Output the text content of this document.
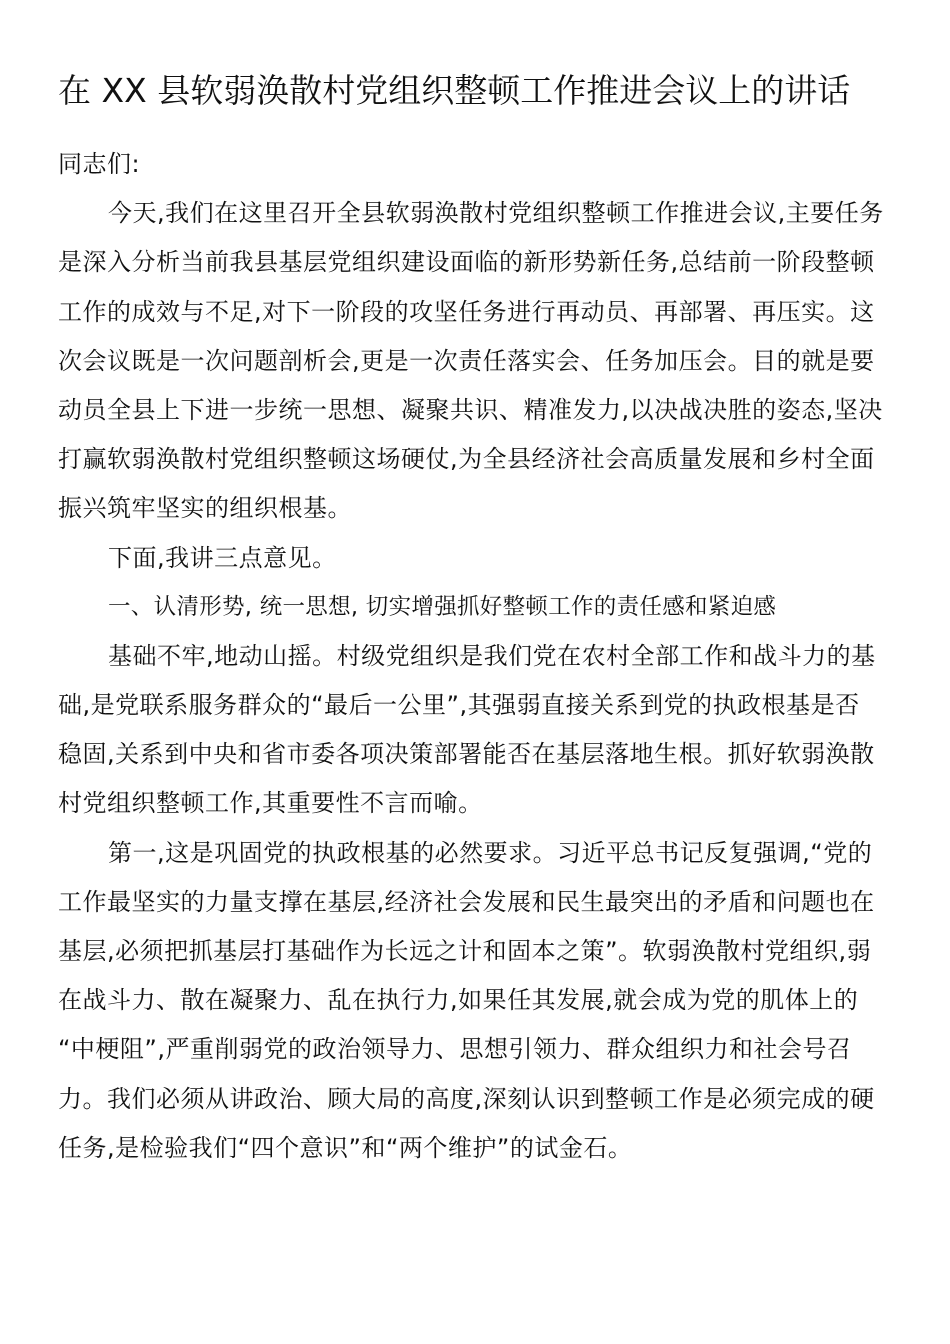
在 XX 县软弱涣散村党组织整顿工作推进会议上的讲话
同志们:
今天,我们在这里召开全县软弱涣散村党组织整顿工作推进会议,主要任务
是深入分析当前我县基层党组织建设面临的新形势新任务,总结前一阶段整顿
工作的成效与不足,对下一阶段的攻坚任务进行再动员、再部署、再压实。这
次会议既是一次问题剖析会,更是一次责任落实会、任务加压会。目的就是要
动员全县上下进一步统一思想、凝聚共识、精准发力,以决战决胜的姿态,坚决
打赢软弱涣散村党组织整顿这场硬仗,为全县经济社会高质量发展和乡村全面
振兴筑牢坚实的组织根基。
下面,我讲三点意见。
一、认清形势, 统一思想, 切实增强抓好整顿工作的责任感和紧迫感
基础不牢,地动山摇。村级党组织是我们党在农村全部工作和战斗力的基
础,是党联系服务群众的“最后一公里”,其强弱直接关系到党的执政根基是否
稳固,关系到中央和省市委各项决策部署能否在基层落地生根。抓好软弱涣散
村党组织整顿工作,其重要性不言而喻。
第一,这是巩固党的执政根基的必然要求。习近平总书记反复强调,“党的
工作最坚实的力量支撑在基层,经济社会发展和民生最突出的矛盾和问题也在
基层,必须把抓基层打基础作为长远之计和固本之策”。软弱涣散村党组织,弱
在战斗力、散在凝聚力、乱在执行力,如果任其发展,就会成为党的肌体上的
“中梗阻”,严重削弱党的政治领导力、思想引领力、群众组织力和社会号召
力。我们必须从讲政治、顾大局的高度,深刻认识到整顿工作是必须完成的硬
任务,是检验我们“四个意识”和“两个维护”的试金石。
